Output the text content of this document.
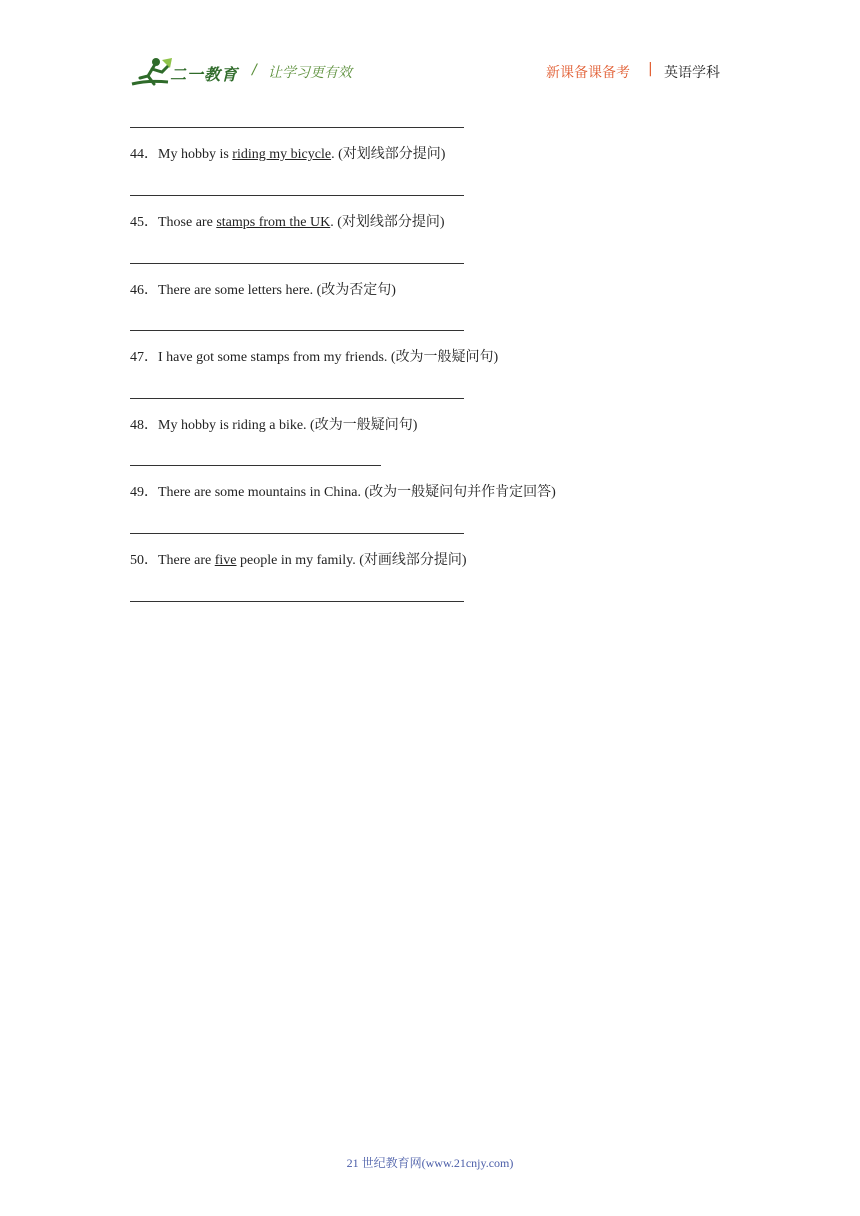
二一教育 / 让学习更有效	新课备课备考 | 英语学科
44．My hobby is riding my bicycle. (对划线部分提问)
45．Those are stamps from the UK. (对划线部分提问)
46．There are some letters here. (改为否定句)
47．I have got some stamps from my friends. (改为一般疑问句)
48．My hobby is riding a bike. (改为一般疑问句)
49．There are some mountains in China. (改为一般疑问句并作肯定回答)
50．There are five people in my family. (对画线部分提问)
21 世纪教育网(www.21cnjy.com)
